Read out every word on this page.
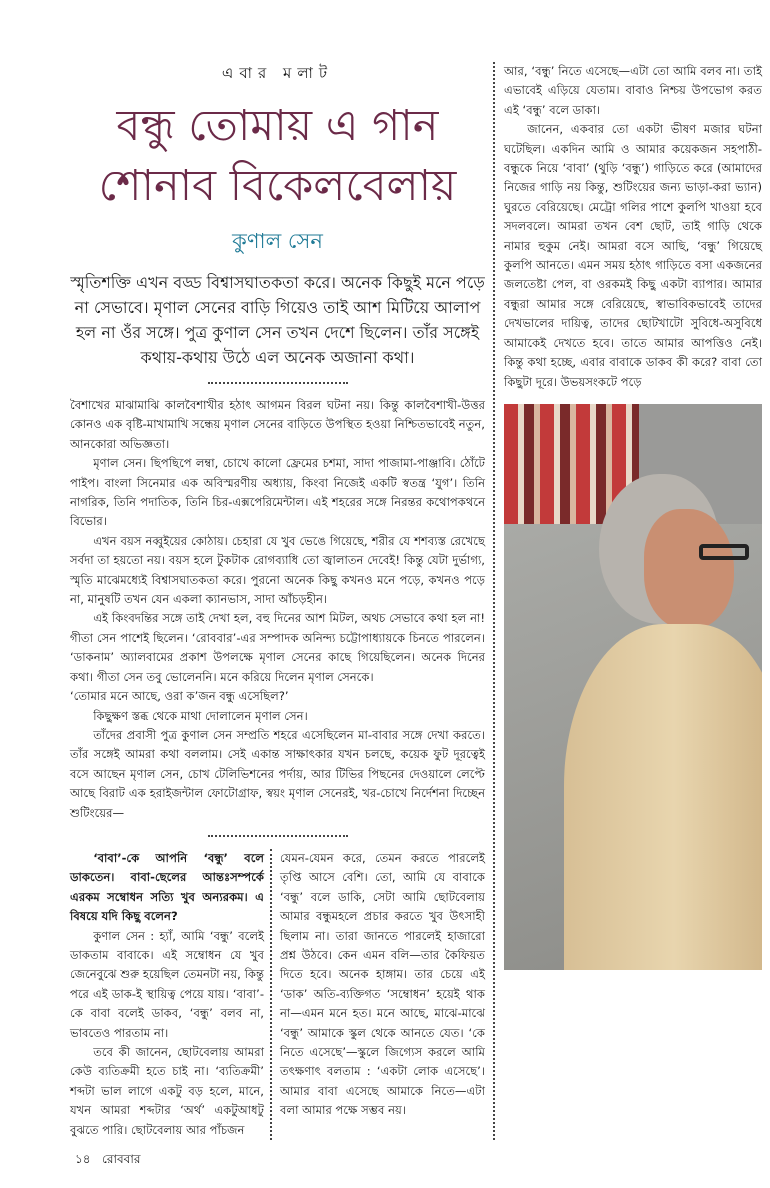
এবার মলাট
বন্ধু তোমায় এ গান
শোনাব বিকেলবেলায়
কুণাল সেন
স্মৃতিশক্তি এখন বড্ড বিশ্বাসঘাতকতা করে। অনেক কিছুই মনে পড়ে না সেভাবে। মৃণাল সেনের বাড়ি গিয়েও তাই আশ মিটিয়ে আলাপ হল না ওঁর সঙ্গে। পুত্র কুণাল সেন তখন দেশে ছিলেন। তাঁর সঙ্গেই কথায়-কথায় উঠে এল অনেক অজানা কথা।

বৈশাখের মাঝামাঝি কালবৈশাখীর হঠাৎ আগমন বিরল ঘটনা নয়। কিন্তু কালবৈশাখী-উত্তর কোনও এক বৃষ্টি-মাখামাখি সন্ধেয় মৃণাল সেনের বাড়িতে উপস্থিত হওয়া নিশ্চিতভাবেই নতুন, আনকোরা অভিজ্ঞতা।

মৃণাল সেন। ছিপছিপে লম্বা, চোখে কালো ফ্রেমের চশমা, সাদা পাজামা-পাঞ্জাবি। ঠোঁটে পাইপ। বাংলা সিনেমার এক অবিস্মরণীয় অধ্যায়, কিংবা নিজেই একটি স্বতন্ত্র ‘যুগ’। তিনি নাগরিক, তিনি পদাতিক, তিনি চির-এক্সপেরিমেন্টাল। এই শহরের সঙ্গে নিরন্তর কথোপকথনে বিভোর।

এখন বয়স নব্বুইয়ের কোঠায়। চেহারা যে খুব ভেঙে গিয়েছে, শরীর যে শশব্যস্ত রেখেছে সর্বদা তা হয়তো নয়। বয়স হলে টুকটাক রোগব্যাধি তো জ্বালাতন দেবেই! কিন্তু যেটা দুর্ভাগ্য, স্মৃতি মাঝেমধ্যেই বিশ্বাসঘাতকতা করে। পুরনো অনেক কিছু কখনও মনে পড়ে, কখনও পড়ে না, মানুষটি তখন যেন একলা ক্যানভাস, সাদা আঁচড়হীন।

এই কিংবদন্তির সঙ্গে তাই দেখা হল, বহু দিনের আশ মিটল, অথচ সেভাবে কথা হল না! গীতা সেন পাশেই ছিলেন। ‘রোববার’-এর সম্পাদক অনিন্দ্য চট্টোপাধ্যায়কে চিনতে পারলেন। ‘ডাকনাম’ অ্যালবামের প্রকাশ উপলক্ষে মৃণাল সেনের কাছে গিয়েছিলেন। অনেক দিনের কথা। গীতা সেন তবু ভোলেননি। মনে করিয়ে দিলেন মৃণাল সেনকে।

‘তোমার মনে আছে, ওরা ক’জন বন্ধু এসেছিল?’

কিছুক্ষণ স্তব্ধ থেকে মাথা দোলালেন মৃণাল সেন।

তাঁদের প্রবাসী পুত্র কুণাল সেন সম্প্রতি শহরে এসেছিলেন মা-বাবার সঙ্গে দেখা করতে। তাঁর সঙ্গেই আমরা কথা বললাম। সেই একান্ত সাক্ষাৎকার যখন চলছে, কয়েক ফুট দূরত্বেই বসে আছেন মৃণাল সেন, চোখ টেলিভিশনের পর্দায়, আর টিভির পিছনের দেওয়ালে লেপ্টে আছে বিরাট এক হরাইজন্টাল ফোটোগ্রাফ, স্বয়ং মৃণাল সেনেরই, খর-চোখে নির্দেশনা দিচ্ছেন শুটিংয়ের—

‘বাবা’-কে আপনি ‘বন্ধু’ বলে ডাকতেন। বাবা-ছেলের আন্তঃসম্পর্কে এরকম সম্বোধন সত্যি খুব অন্যরকম। এ বিষয়ে যদি কিছু বলেন?

কুণাল সেন : হ্যাঁ, আমি ‘বন্ধু’ বলেই ডাকতাম বাবাকে। এই সম্বোধন যে খুব জেনেবুঝে শুরু হয়েছিল তেমনটা নয়, কিন্তু পরে এই ডাক-ই স্থায়িত্ব পেয়ে যায়। ‘বাবা’-কে বাবা বলেই ডাকব, ‘বন্ধু’ বলব না, ভাবতেও পারতাম না।

তবে কী জানেন, ছোটবেলায় আমরা কেউ ব্যতিক্রমী হতে চাই না। ‘ব্যতিক্রমী’ শব্দটা ভাল লাগে একটু বড় হলে, মানে, যখন আমরা শব্দটার ‘অর্থ’ একটুআধটু বুঝতে পারি। ছোটবেলায় আর পাঁচজন

যেমন-যেমন করে, তেমন করতে পারলেই তৃপ্তি আসে বেশি। তো, আমি যে বাবাকে ‘বন্ধু’ বলে ডাকি, সেটা আমি ছোটবেলায় আমার বন্ধুমহলে প্রচার করতে খুব উৎসাহী ছিলাম না। তারা জানতে পারলেই হাজারো প্রশ্ন উঠবে। কেন এমন বলি—তার কৈফিয়ত দিতে হবে। অনেক হাঙ্গাম। তার চেয়ে এই ‘ডাক’ অতি-ব্যক্তিগত ‘সম্বোধন’ হয়েই থাক না—এমন মনে হত। মনে আছে, মাঝে-মাঝে ‘বন্ধু’ আমাকে স্কুল থেকে আনতে যেত। ‘কে নিতে এসেছে’—স্কুলে জিগ্যেস করলে আমি তৎক্ষণাৎ বলতাম : ‘একটা লোক এসেছে’। আমার বাবা এসেছে আমাকে নিতে—এটা বলা আমার পক্ষে সম্ভব নয়।

আর, ‘বন্ধু’ নিতে এসেছে—এটা তো আমি বলব না। তাই এভাবেই এড়িয়ে যেতাম। বাবাও নিশ্চয় উপভোগ করত এই ‘বন্ধু’ বলে ডাকা।

জানেন, একবার তো একটা ভীষণ মজার ঘটনা ঘটেছিল। একদিন আমি ও আমার কয়েকজন সহপাঠী-বন্ধুকে নিয়ে ‘বাবা’ (থুড়ি ‘বন্ধু’) গাড়িতে করে (আমাদের নিজের গাড়ি নয় কিন্তু, শুটিংয়ের জন্য ভাড়া-করা ভ্যান) ঘুরতে বেরিয়েছে। মেট্রো গলির পাশে কুলপি খাওয়া হবে সদলবলে। আমরা তখন বেশ ছোট, তাই গাড়ি থেকে নামার হুকুম নেই। আমরা বসে আছি, ‘বন্ধু’ গিয়েছে কুলপি আনতে। এমন সময় হঠাৎ গাড়িতে বসা একজনের জলতেষ্টা পেল, বা ওরকমই কিছু একটা ব্যাপার। আমার বন্ধুরা আমার সঙ্গে বেরিয়েছে, স্বাভাবিকভাবেই তাদের দেখভালের দায়িত্ব, তাদের ছোটখাটো সুবিধে-অসুবিধে আমাকেই দেখতে হবে। তাতে আমার আপত্তিও নেই। কিন্তু কথা হচ্ছে, এবার বাবাকে ডাকব কী করে? বাবা তো কিছুটা দূরে। উভয়সংকটে পড়ে

১৪ রোববার
